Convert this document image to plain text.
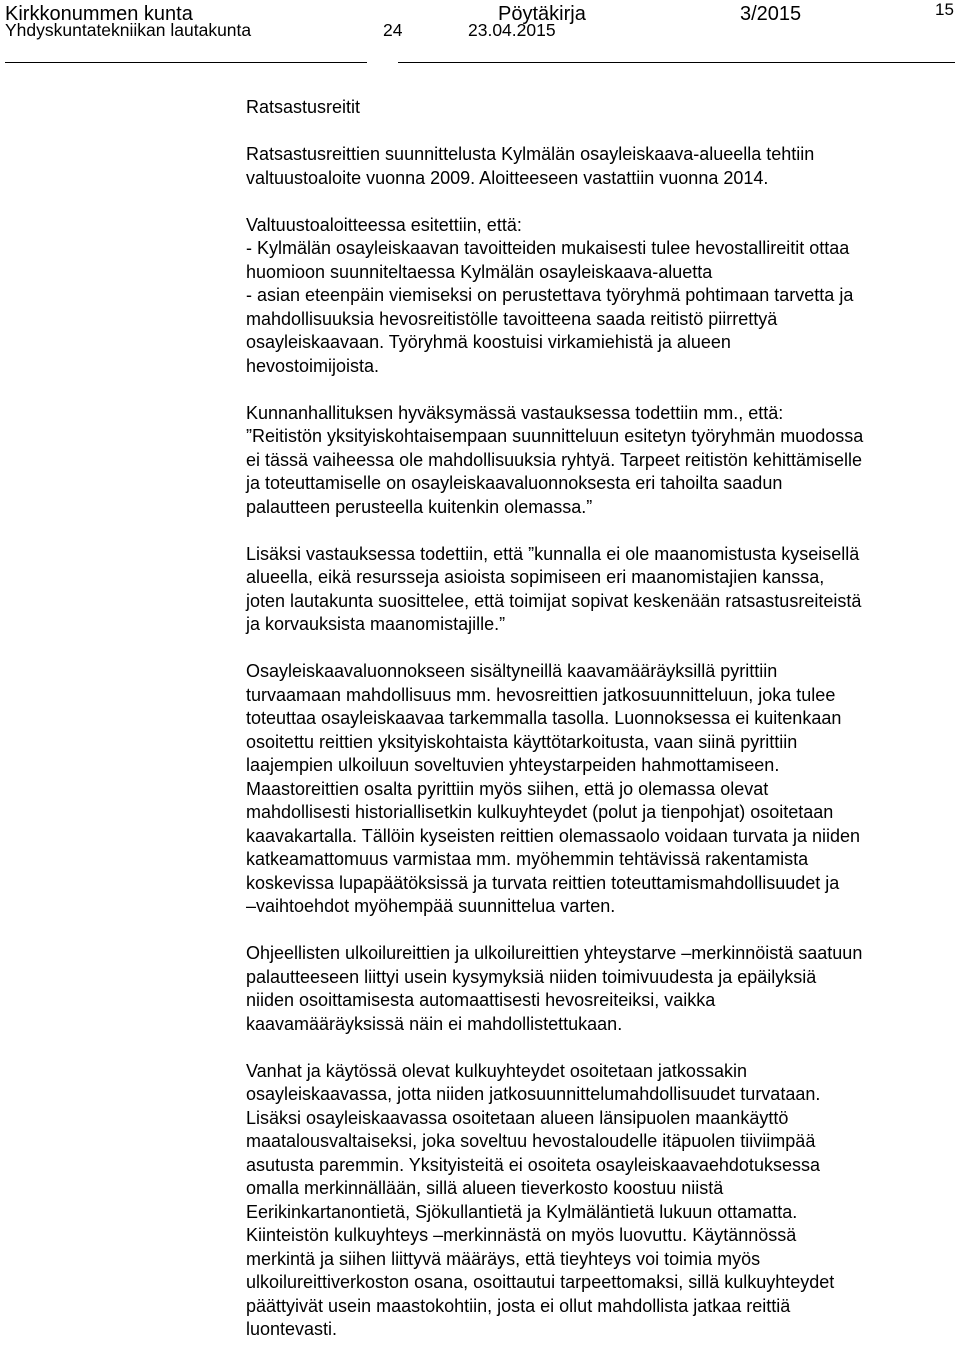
Kirkkonummen kunta	Pöytäkirja	3/2015	15
Yhdyskuntatekniikan lautakunta	24	23.04.2015

Ratsastusreitit

Ratsastusreittien suunnittelusta Kylmälän osayleiskaava-alueella tehtiin
valtuustoaloite vuonna 2009. Aloitteeseen vastattiin vuonna 2014.

Valtuustoaloitteessa esitettiin, että:
- Kylmälän osayleiskaavan tavoitteiden mukaisesti tulee hevostallireitit ottaa
huomioon suunniteltaessa Kylmälän osayleiskaava-aluetta
- asian eteenpäin viemiseksi on perustettava työryhmä pohtimaan tarvetta ja
mahdollisuuksia hevosreitistölle tavoitteena saada reitistö piirrettyä
osayleiskaavaan. Työryhmä koostuisi virkamiehistä ja alueen
hevostoimijoista.

Kunnanhallituksen hyväksymässä vastauksessa todettiin mm., että:
”Reitistön yksityiskohtaisempaan suunnitteluun esitetyn työryhmän muodossa
ei tässä vaiheessa ole mahdollisuuksia ryhtyä. Tarpeet reitistön kehittämiselle
ja toteuttamiselle on osayleiskaavaluonnoksesta eri tahoilta saadun
palautteen perusteella kuitenkin olemassa.”

Lisäksi vastauksessa todettiin, että ”kunnalla ei ole maanomistusta kyseisellä
alueella, eikä resursseja asioista sopimiseen eri maanomistajien kanssa,
joten lautakunta suosittelee, että toimijat sopivat keskenään ratsastusreiteistä
ja korvauksista maanomistajille.”

Osayleiskaavaluonnokseen sisältyneillä kaavamääräyksillä pyrittiin
turvaamaan mahdollisuus mm. hevosreittien jatkosuunnitteluun, joka tulee
toteuttaa osayleiskaavaa tarkemmalla tasolla. Luonnoksessa ei kuitenkaan
osoitettu reittien yksityiskohtaista käyttötarkoitusta, vaan siinä pyrittiin
laajempien ulkoiluun soveltuvien yhteystarpeiden hahmottamiseen.
Maastoreittien osalta pyrittiin myös siihen, että jo olemassa olevat
mahdollisesti historiallisetkin kulkuyhteydet (polut ja tienpohjat) osoitetaan
kaavakartalla. Tällöin kyseisten reittien olemassaolo voidaan turvata ja niiden
katkeamattomuus varmistaa mm. myöhemmin tehtävissä rakentamista
koskevissa lupapäätöksissä ja turvata reittien toteuttamismahdollisuudet ja
–vaihtoehdot myöhempää suunnittelua varten.

Ohjeellisten ulkoilureittien ja ulkoilureittien yhteystarve –merkinnöistä saatuun
palautteeseen liittyi usein kysymyksiä niiden toimivuudesta ja epäilyksiä
niiden osoittamisesta automaattisesti hevosreiteiksi, vaikka
kaavamääräyksissä näin ei mahdollistettukaan.

Vanhat ja käytössä olevat kulkuyhteydet osoitetaan jatkossakin
osayleiskaavassa, jotta niiden jatkosuunnittelumahdollisuudet turvataan.
Lisäksi osayleiskaavassa osoitetaan alueen länsipuolen maankäyttö
maatalousvaltaiseksi, joka soveltuu hevostaloudelle itäpuolen tiiviimpää
asutusta paremmin. Yksityisteitä ei osoiteta osayleiskaavaehdotuksessa
omalla merkinnällään, sillä alueen tieverkosto koostuu niistä
Eerikinkartanontietä, Sjökullantietä ja Kylmäläntietä lukuun ottamatta.
Kiinteistön kulkuyhteys –merkinnästä on myös luovuttu. Käytännössä
merkintä ja siihen liittyvä määräys, että tieyhteys voi toimia myös
ulkoilureittiverkoston osana, osoittautui tarpeettomaksi, sillä kulkuyhteydet
päättyivät usein maastokohtiin, josta ei ollut mahdollista jatkaa reittiä
luontevasti.
